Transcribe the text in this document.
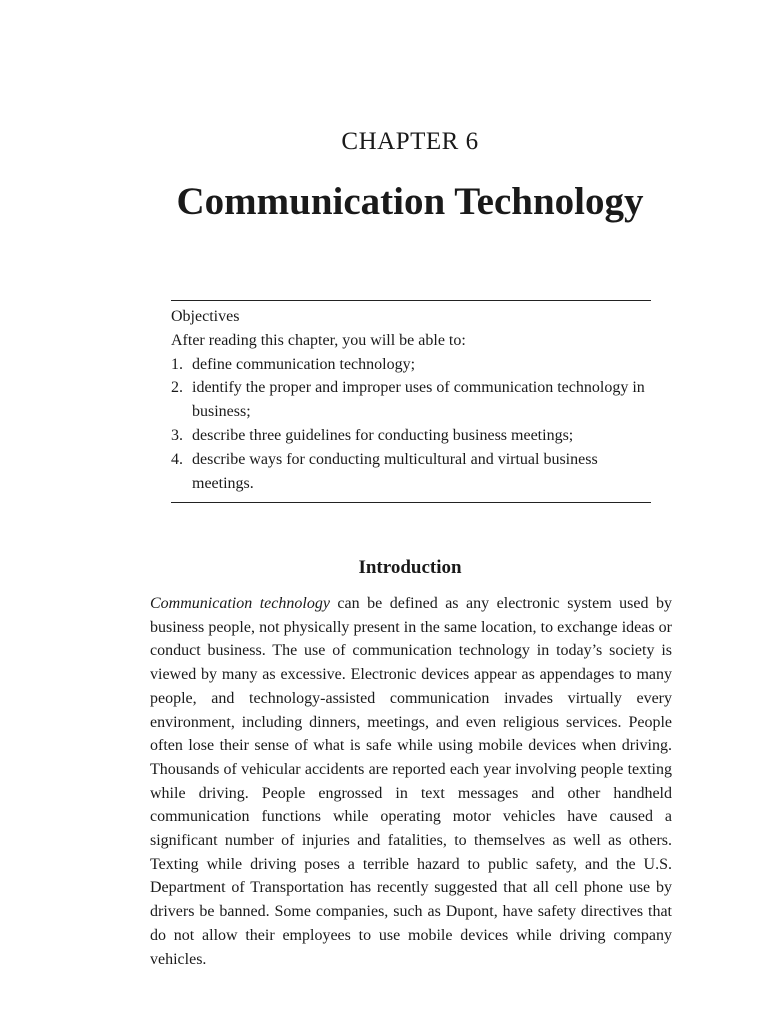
CHAPTER 6
Communication Technology
Objectives
After reading this chapter, you will be able to:
1. define communication technology;
2. identify the proper and improper uses of communication technology in business;
3. describe three guidelines for conducting business meetings;
4. describe ways for conducting multicultural and virtual business meetings.
Introduction

Communication technology can be defined as any electronic system used by business people, not physically present in the same location, to exchange ideas or conduct business. The use of communication technology in today’s society is viewed by many as excessive. Electronic devices appear as appendages to many people, and technology-assisted communication invades virtually every environment, including dinners, meetings, and even religious services. People often lose their sense of what is safe while using mobile devices when driving. Thousands of vehicular accidents are reported each year involving people texting while driving. People engrossed in text messages and other handheld communication functions while operating motor vehicles have caused a significant number of injuries and fatalities, to themselves as well as others. Texting while driving poses a terrible hazard to public safety, and the U.S. Department of Transportation has recently suggested that all cell phone use by drivers be banned. Some companies, such as Dupont, have safety directives that do not allow their employees to use mobile devices while driving company vehicles.
